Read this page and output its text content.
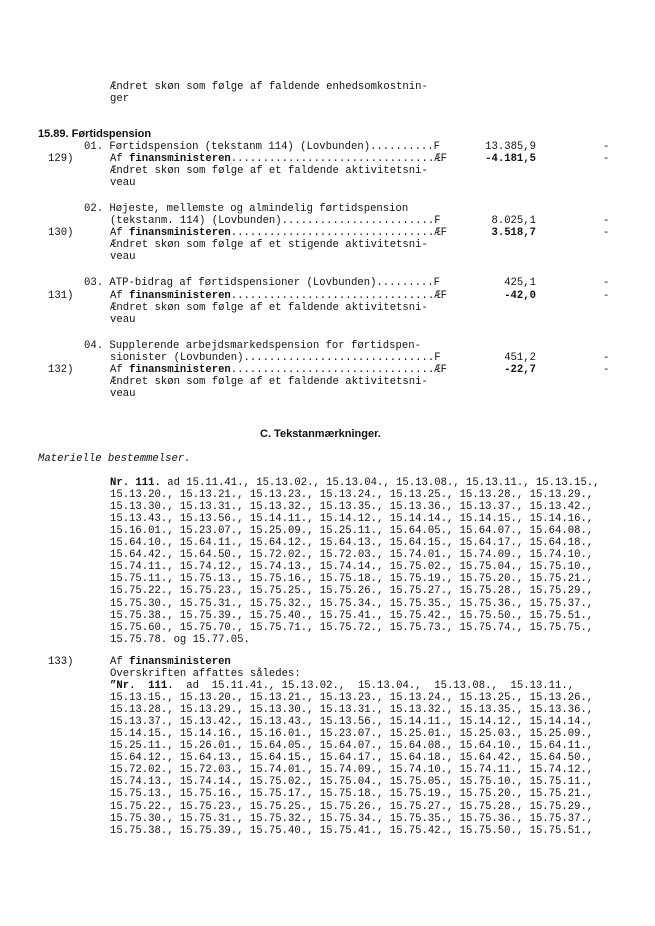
Ændret skøn som følge af faldende enhedsomkostnin-
ger
15.89. Førtidspension
01. Førtidspension (tekstanm 114) (Lovbunden)..........F	13.385,9	-
129)	Af finansministeren................................ÆF	-4.181,5	-
Ændret skøn som følge af et faldende aktivitetsni-
veau
02. Højeste, mellemste og almindelig førtidspension
(tekstanm. 114) (Lovbunden)........................F	8.025,1	-
130)	Af finansministeren................................ÆF	3.518,7	-
Ændret skøn som følge af et stigende aktivitetsni-
veau
03. ATP-bidrag af førtidspensioner (Lovbunden).........F	425,1	-
131)	Af finansministeren................................ÆF	-42,0	-
Ændret skøn som følge af et faldende aktivitetsni-
veau
04. Supplerende arbejdsmarkedspension for førtidspen-
sionister (Lovbunden)..............................F	451,2	-
132)	Af finansministeren................................ÆF	-22,7	-
Ændret skøn som følge af et faldende aktivitetsni-
veau
C. Tekstanmærkninger.
Materielle bestemmelser.
Nr. 111. ad 15.11.41., 15.13.02., 15.13.04., 15.13.08., 15.13.11., 15.13.15.,
15.13.20., 15.13.21., 15.13.23., 15.13.24., 15.13.25., 15.13.28., 15.13.29.,
15.13.30., 15.13.31., 15.13.32., 15.13.35., 15.13.36., 15.13.37., 15.13.42.,
15.13.43., 15.13.56., 15.14.11., 15.14.12., 15.14.14., 15.14.15., 15.14.16.,
15.16.01., 15.23.07., 15.25.09., 15.25.11., 15.64.05., 15.64.07., 15.64.08.,
15.64.10., 15.64.11., 15.64.12., 15.64.13., 15.64.15., 15.64.17., 15.64.18.,
15.64.42., 15.64.50., 15.72.02., 15.72.03., 15.74.01., 15.74.09., 15.74.10.,
15.74.11., 15.74.12., 15.74.13., 15.74.14., 15.75.02., 15.75.04., 15.75.10.,
15.75.11., 15.75.13., 15.75.16., 15.75.18., 15.75.19., 15.75.20., 15.75.21.,
15.75.22., 15.75.23., 15.75.25., 15.75.26., 15.75.27., 15.75.28., 15.75.29.,
15.75.30., 15.75.31., 15.75.32., 15.75.34., 15.75.35., 15.75.36., 15.75.37.,
15.75.38., 15.75.39., 15.75.40., 15.75.41., 15.75.42., 15.75.50., 15.75.51.,
15.75.60., 15.75.70., 15.75.71., 15.75.72., 15.75.73., 15.75.74., 15.75.75.,
15.75.78. og 15.77.05.
133)	Af finansministeren
Overskriften affattes således:
”Nr.  111.  ad  15.11.41., 15.13.02.,  15.13.04.,  15.13.08.,  15.13.11.,
15.13.15., 15.13.20., 15.13.21., 15.13.23., 15.13.24., 15.13.25., 15.13.26.,
15.13.28., 15.13.29., 15.13.30., 15.13.31., 15.13.32., 15.13.35., 15.13.36.,
15.13.37., 15.13.42., 15.13.43., 15.13.56., 15.14.11., 15.14.12., 15.14.14.,
15.14.15., 15.14.16., 15.16.01., 15.23.07., 15.25.01., 15.25.03., 15.25.09.,
15.25.11., 15.26.01., 15.64.05., 15.64.07., 15.64.08., 15.64.10., 15.64.11.,
15.64.12., 15.64.13., 15.64.15., 15.64.17., 15.64.18., 15.64.42., 15.64.50.,
15.72.02., 15.72.03., 15.74.01., 15.74.09., 15.74.10., 15.74.11., 15.74.12.,
15.74.13., 15.74.14., 15.75.02., 15.75.04., 15.75.05., 15.75.10., 15.75.11.,
15.75.13., 15.75.16., 15.75.17., 15.75.18., 15.75.19., 15.75.20., 15.75.21.,
15.75.22., 15.75.23., 15.75.25., 15.75.26., 15.75.27., 15.75.28., 15.75.29.,
15.75.30., 15.75.31., 15.75.32., 15.75.34., 15.75.35., 15.75.36., 15.75.37.,
15.75.38., 15.75.39., 15.75.40., 15.75.41., 15.75.42., 15.75.50., 15.75.51.,
